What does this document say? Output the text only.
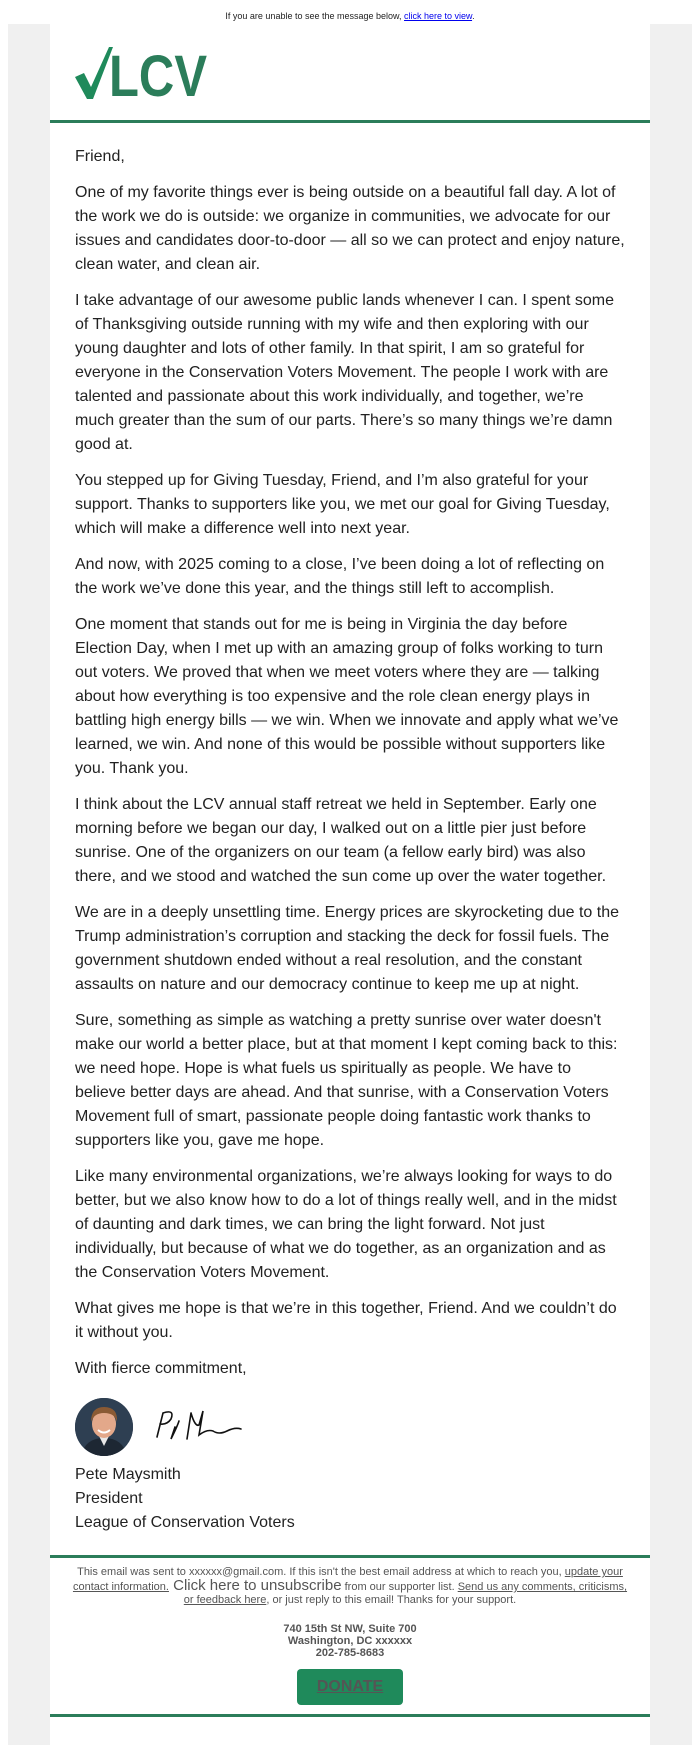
If you are unable to see the message below, click here to view.
LCV

Friend,

One of my favorite things ever is being outside on a beautiful fall day. A lot of the work we do is outside: we organize in communities, we advocate for our issues and candidates door-to-door — all so we can protect and enjoy nature, clean water, and clean air.

I take advantage of our awesome public lands whenever I can. I spent some of Thanksgiving outside running with my wife and then exploring with our young daughter and lots of other family. In that spirit, I am so grateful for everyone in the Conservation Voters Movement. The people I work with are talented and passionate about this work individually, and together, we’re much greater than the sum of our parts. There’s so many things we’re damn good at.

You stepped up for Giving Tuesday, Friend, and I’m also grateful for your support. Thanks to supporters like you, we met our goal for Giving Tuesday, which will make a difference well into next year.

And now, with 2025 coming to a close, I’ve been doing a lot of reflecting on the work we’ve done this year, and the things still left to accomplish.

One moment that stands out for me is being in Virginia the day before Election Day, when I met up with an amazing group of folks working to turn out voters. We proved that when we meet voters where they are — talking about how everything is too expensive and the role clean energy plays in battling high energy bills — we win. When we innovate and apply what we’ve learned, we win. And none of this would be possible without supporters like you. Thank you.

I think about the LCV annual staff retreat we held in September. Early one morning before we began our day, I walked out on a little pier just before sunrise. One of the organizers on our team (a fellow early bird) was also there, and we stood and watched the sun come up over the water together.

We are in a deeply unsettling time. Energy prices are skyrocketing due to the Trump administration’s corruption and stacking the deck for fossil fuels. The government shutdown ended without a real resolution, and the constant assaults on nature and our democracy continue to keep me up at night.

Sure, something as simple as watching a pretty sunrise over water doesn't make our world a better place, but at that moment I kept coming back to this: we need hope. Hope is what fuels us spiritually as people. We have to believe better days are ahead. And that sunrise, with a Conservation Voters Movement full of smart, passionate people doing fantastic work thanks to supporters like you, gave me hope.

Like many environmental organizations, we’re always looking for ways to do better, but we also know how to do a lot of things really well, and in the midst of daunting and dark times, we can bring the light forward. Not just individually, but because of what we do together, as an organization and as the Conservation Voters Movement.

What gives me hope is that we’re in this together, Friend. And we couldn’t do it without you.

With fierce commitment,

Pete Maysmith

President

League of Conservation Voters

This email was sent to xxxxxx@gmail.com. If this isn't the best email address at which to reach you, update your contact information. Click here to unsubscribe from our supporter list. Send us any comments, criticisms, or feedback here, or just reply to this email! Thanks for your support.
740 15th St NW, Suite 700
Washington, DC xxxxxx
202-785-8683
DONATE
